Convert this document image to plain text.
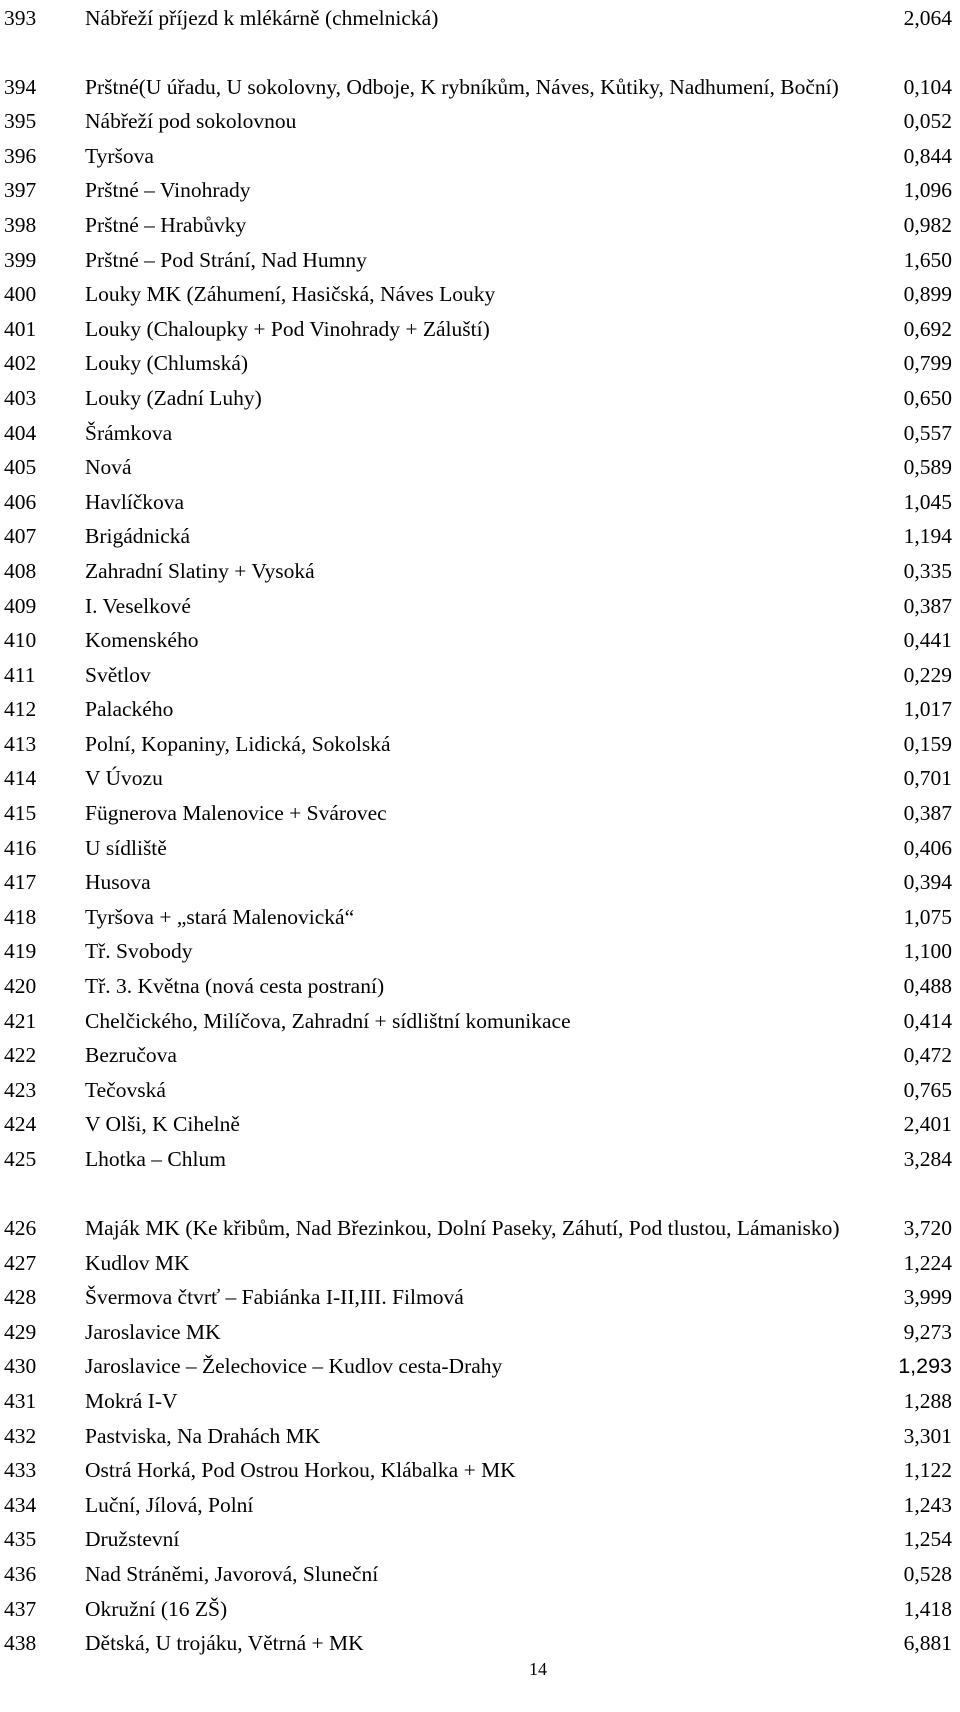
393	Nábřeží příjezd k mlékárně (chmelnická)	2,064
394	Prštné(U úřadu, U sokolovny, Odboje, K rybníkům, Náves, Kůtiky, Nadhumení, Boční)	0,104
395	Nábřeží pod sokolovnou	0,052
396	Tyršova	0,844
397	Prštné – Vinohrady	1,096
398	Prštné – Hrabůvky	0,982
399	Prštné – Pod Strání, Nad Humny	1,650
400	Louky MK (Záhumení, Hasičská, Náves Louky	0,899
401	Louky (Chaloupky + Pod Vinohrady + Záluští)	0,692
402	Louky (Chlumská)	0,799
403	Louky (Zadní Luhy)	0,650
404	Šrámkova	0,557
405	Nová	0,589
406	Havlíčkova	1,045
407	Brigádnická	1,194
408	Zahradní Slatiny + Vysoká	0,335
409	I. Veselkové	0,387
410	Komenského	0,441
411	Světlov	0,229
412	Palackého	1,017
413	Polní, Kopaniny, Lidická, Sokolská	0,159
414	V Úvozu	0,701
415	Fügnerova Malenovice + Svárovec	0,387
416	U sídliště	0,406
417	Husova	0,394
418	Tyršova + „stará Malenovická“	1,075
419	Tř. Svobody	1,100
420	Tř. 3. Května (nová cesta postraní)	0,488
421	Chelčického, Milíčova, Zahradní + sídlištní komunikace	0,414
422	Bezručova	0,472
423	Tečovská	0,765
424	V Olši, K Cihelně	2,401
425	Lhotka – Chlum	3,284
426	Maják MK (Ke křibům, Nad Březinkou, Dolní Paseky, Záhutí, Pod tlustou, Lámanisko)	3,720
427	Kudlov MK	1,224
428	Švermova čtvrť – Fabiánka I-II,III. Filmová	3,999
429	Jaroslavice MK	9,273
430	Jaroslavice – Želechovice – Kudlov cesta-Drahy	1,293
431	Mokrá I-V	1,288
432	Pastviska, Na Drahách MK	3,301
433	Ostrá Horká, Pod Ostrou Horkou, Klábalka + MK	1,122
434	Luční, Jílová, Polní	1,243
435	Družstevní	1,254
436	Nad Stráněmi, Javorová, Sluneční	0,528
437	Okružní (16 ZŠ)	1,418
438	Dětská, U trojáku, Větrná + MK	6,881
14
